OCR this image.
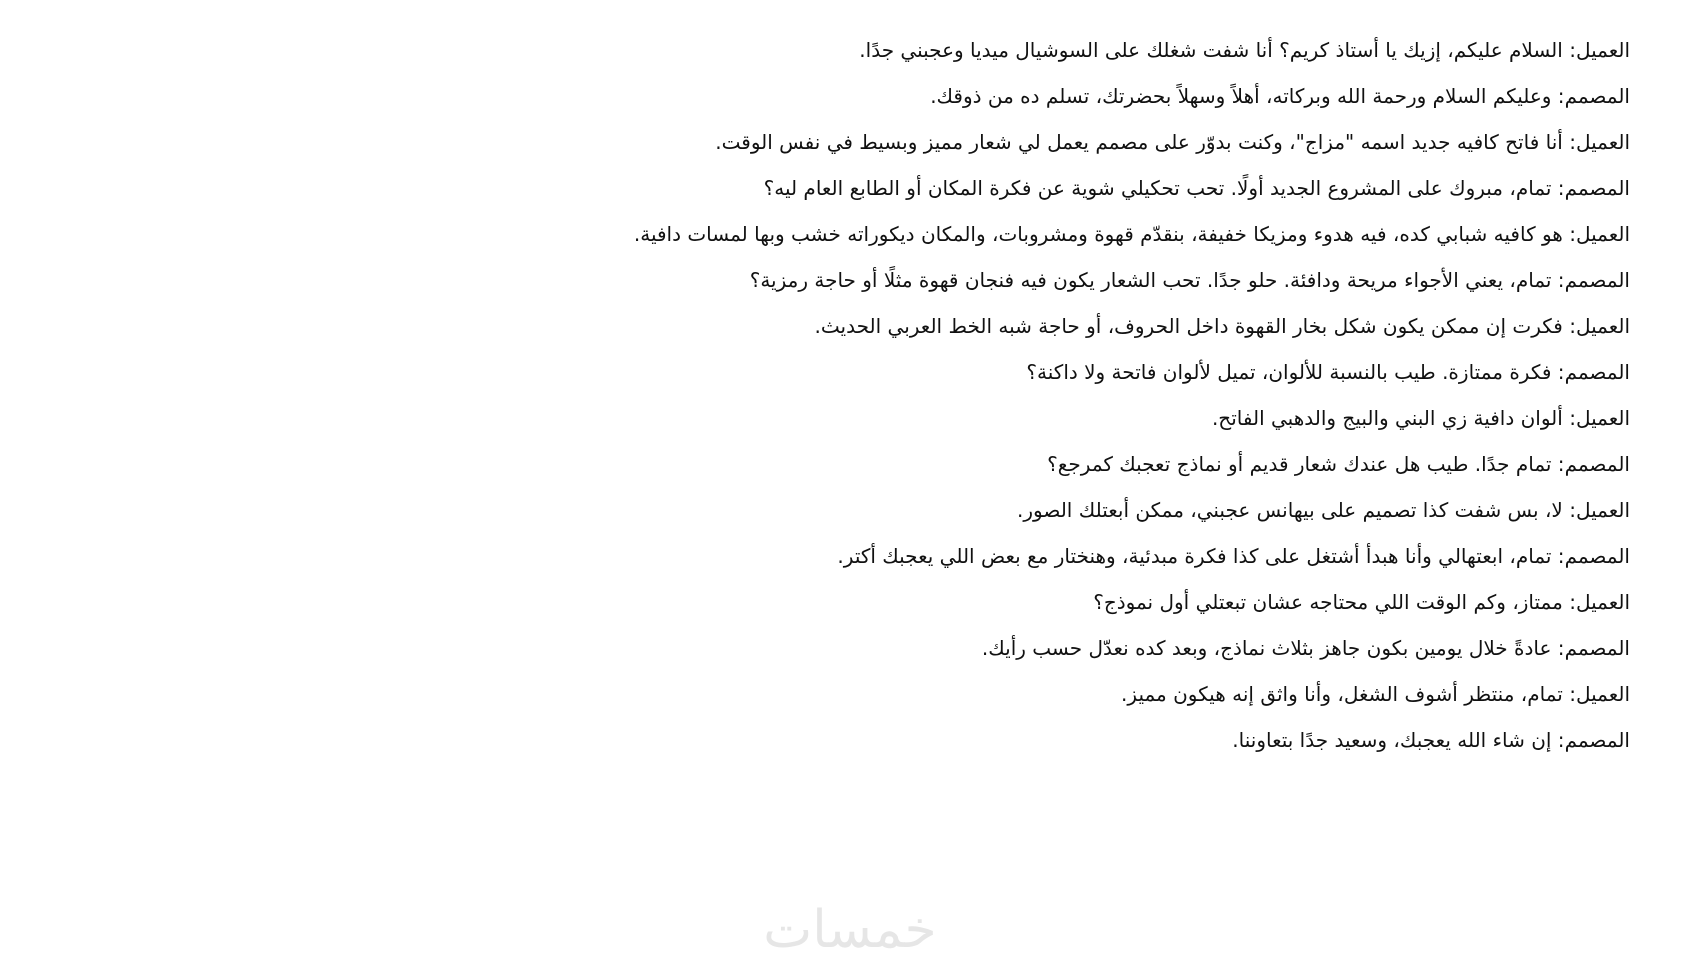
العميل: السلام عليكم، إزيك يا أستاذ كريم؟ أنا شفت شغلك على السوشيال ميديا وعجبني جدًا.

المصمم: وعليكم السلام ورحمة الله وبركاته، أهلاً وسهلاً بحضرتك، تسلم ده من ذوقك.

العميل: أنا فاتح كافيه جديد اسمه "مزاج"، وكنت بدوّر على مصمم يعمل لي شعار مميز وبسيط في نفس الوقت.

المصمم: تمام، مبروك على المشروع الجديد أولًا. تحب تحكيلي شوية عن فكرة المكان أو الطابع العام ليه؟

العميل: هو كافيه شبابي كده، فيه هدوء ومزيكا خفيفة، بنقدّم قهوة ومشروبات، والمكان ديكوراته خشب وبها لمسات دافية.

المصمم: تمام، يعني الأجواء مريحة ودافئة. حلو جدًا. تحب الشعار يكون فيه فنجان قهوة مثلًا أو حاجة رمزية؟

العميل: فكرت إن ممكن يكون شكل بخار القهوة داخل الحروف، أو حاجة شبه الخط العربي الحديث.

المصمم: فكرة ممتازة. طيب بالنسبة للألوان، تميل لألوان فاتحة ولا داكنة؟

العميل: ألوان دافية زي البني والبيج والدهبي الفاتح.

المصمم: تمام جدًا. طيب هل عندك شعار قديم أو نماذج تعجبك كمرجع؟

العميل: لا، بس شفت كذا تصميم على بيهانس عجبني، ممكن أبعتلك الصور.

المصمم: تمام، ابعتهالي وأنا هبدأ أشتغل على كذا فكرة مبدئية، وهنختار مع بعض اللي يعجبك أكتر.

العميل: ممتاز، وكم الوقت اللي محتاجه عشان تبعتلي أول نموذج؟

المصمم: عادةً خلال يومين بكون جاهز بثلاث نماذج، وبعد كده نعدّل حسب رأيك.

العميل: تمام، منتظر أشوف الشغل، وأنا واثق إنه هيكون مميز.

المصمم: إن شاء الله يعجبك، وسعيد جدًا بتعاوننا.

خمسات
